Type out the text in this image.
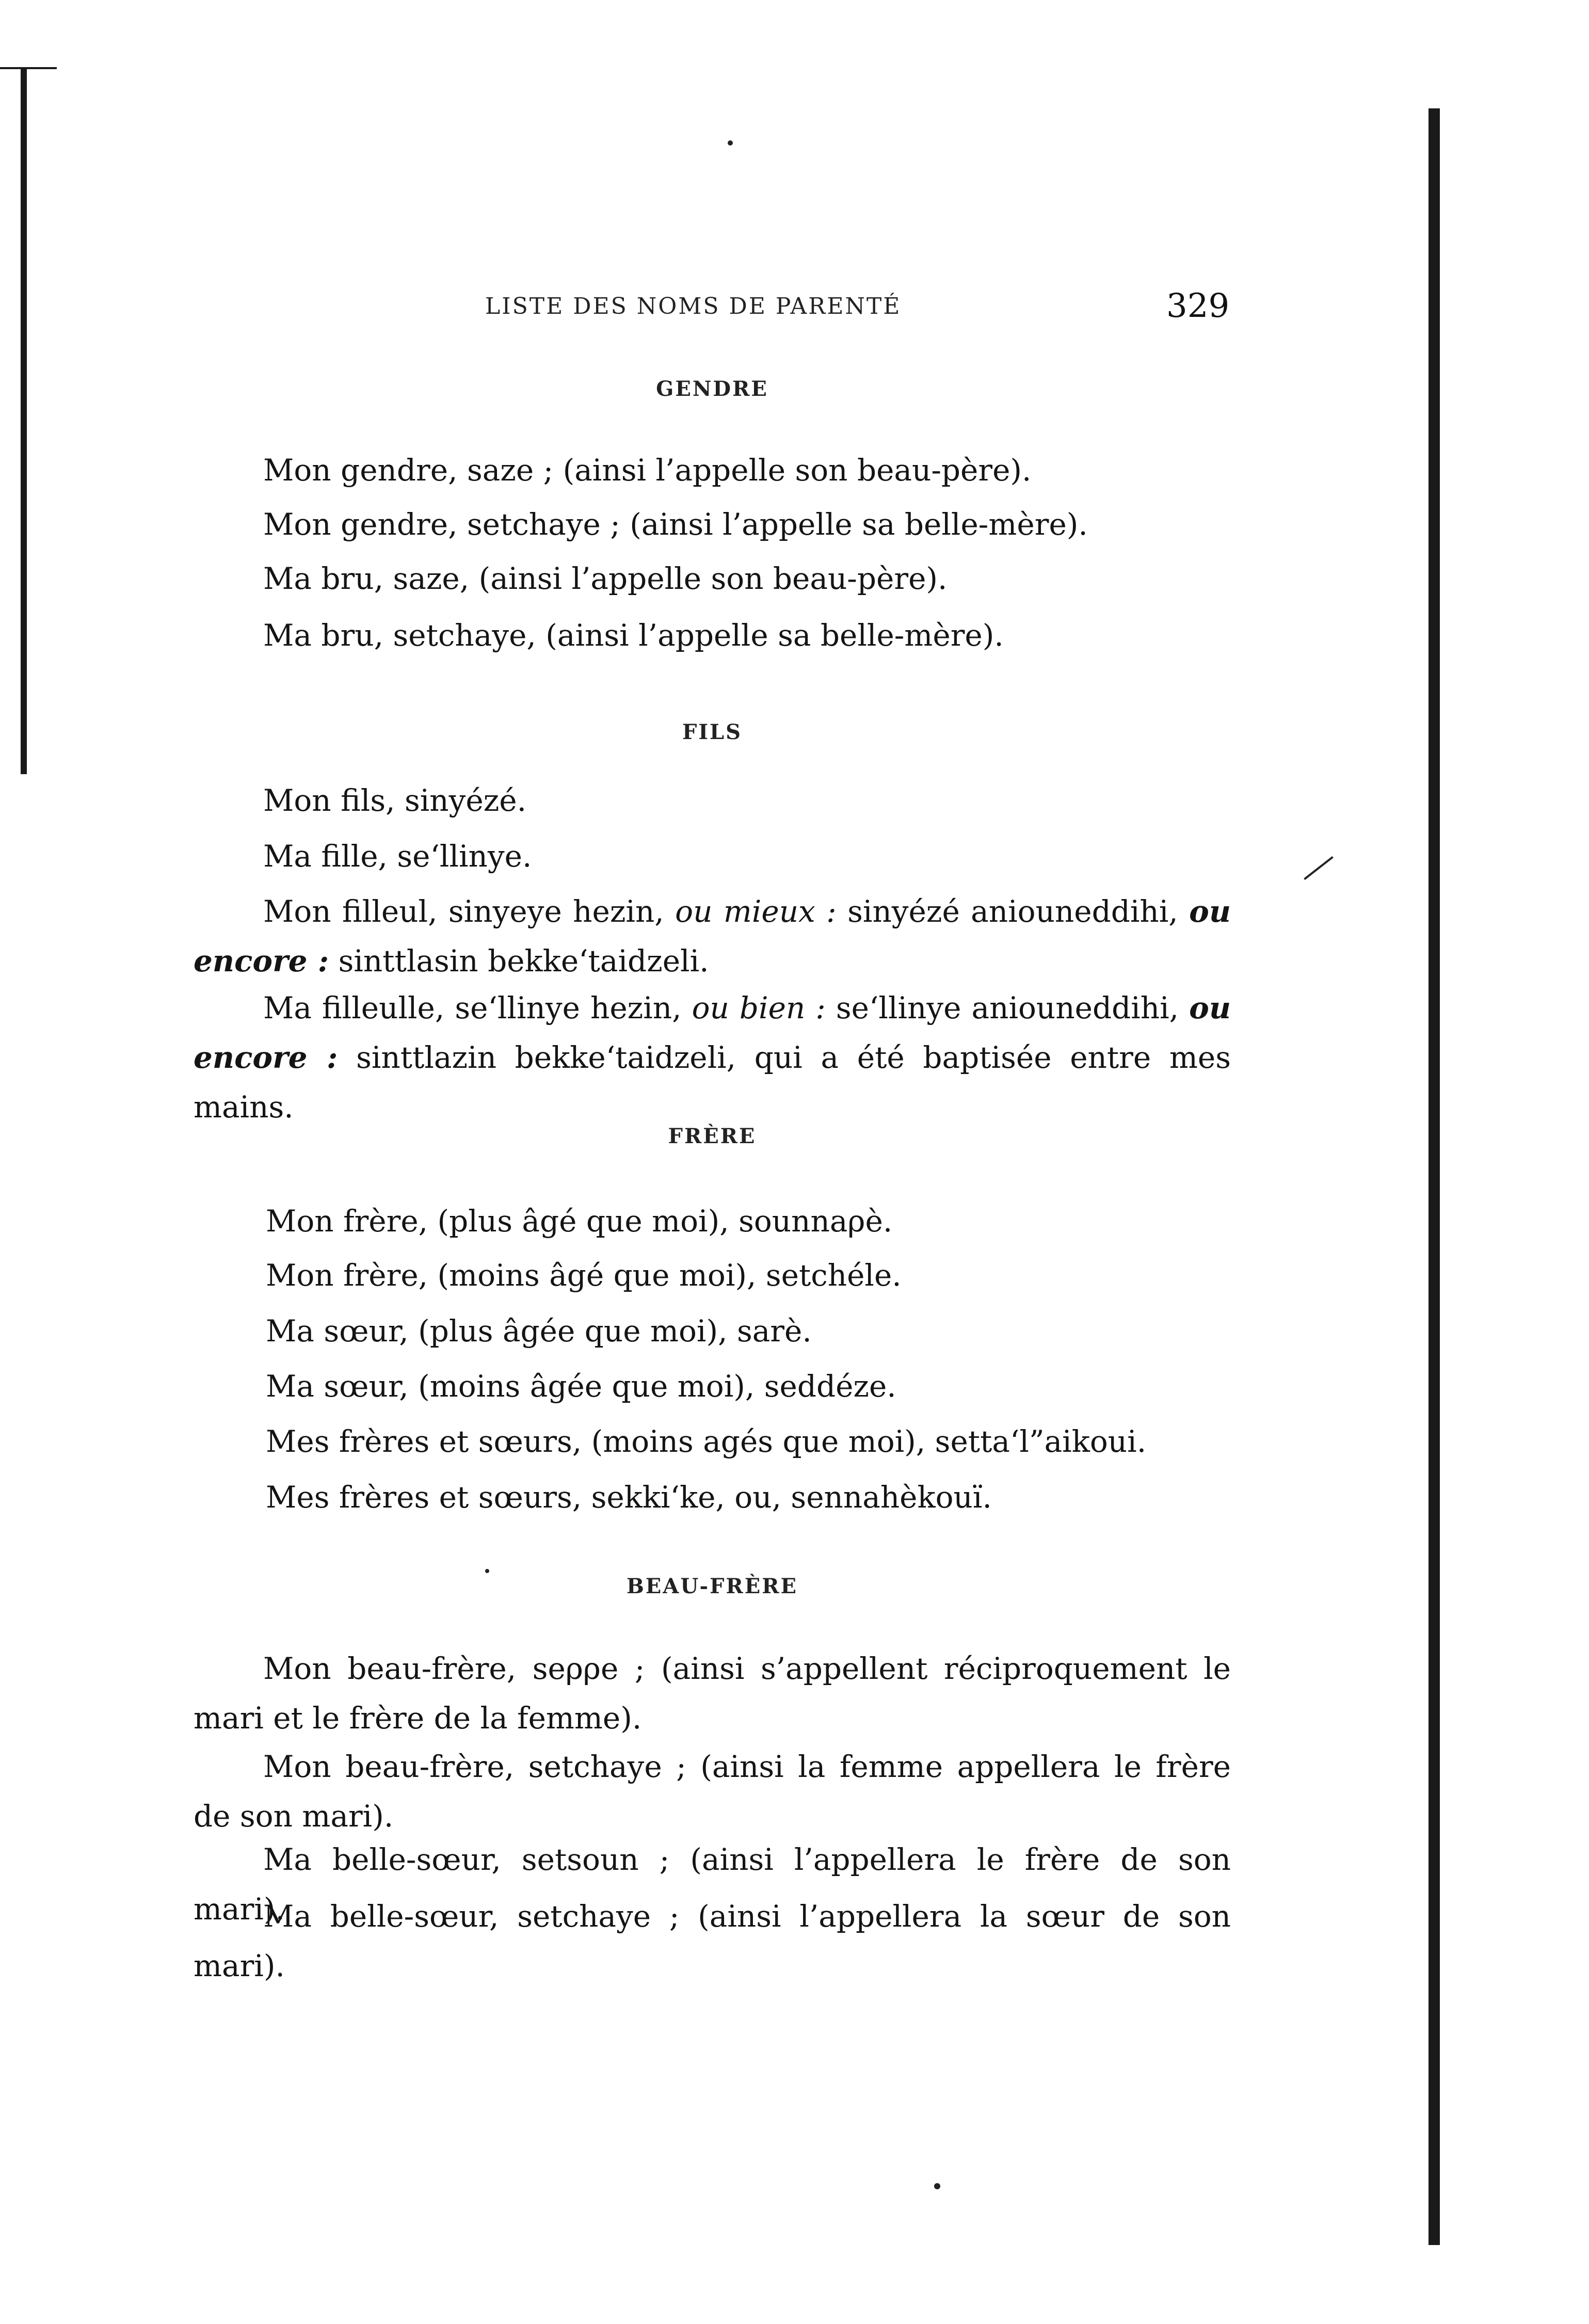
LISTE DES NOMS DE PARENTÉ	329
GENDRE
Mon gendre, saze ; (ainsi l’appelle son beau-père).
Mon gendre, setchaye ; (ainsi l’appelle sa belle-mère).
Ma bru, saze, (ainsi l’appelle son beau-père).
Ma bru, setchaye, (ainsi l’appelle sa belle-mère).
FILS
Mon fils, sinyézé.
Ma fille, se‘llinye.
Mon filleul, sinyeye hezin, ou mieux : sinyézé aniouneddihi, ou encore : sinttlasin bekke‘taidzeli.
Ma filleulle, se‘llinye hezin, ou bien : se‘llinye aniouneddihi, ou encore : sinttlazin bekke‘taidzeli, qui a été baptisée entre mes mains.
FRÈRE
Mon frère, (plus âgé que moi), sounnaρè.
Mon frère, (moins âgé que moi), setchéle.
Ma sœur, (plus âgée que moi), sarè.
Ma sœur, (moins âgée que moi), seddéze.
Mes frères et sœurs, (moins agés que moi), setta‘l”aikoui.
Mes frères et sœurs, sekki‘ke, ou, sennahèkouï.
BEAU-FRÈRE
Mon beau-frère, seρρe ; (ainsi s’appellent réciproquement le mari et le frère de la femme).
Mon beau-frère, setchaye ; (ainsi la femme appellera le frère de son mari).
Ma belle-sœur, setsoun ; (ainsi l’appellera le frère de son mari).
Ma belle-sœur, setchaye ; (ainsi l’appellera la sœur de son mari).
